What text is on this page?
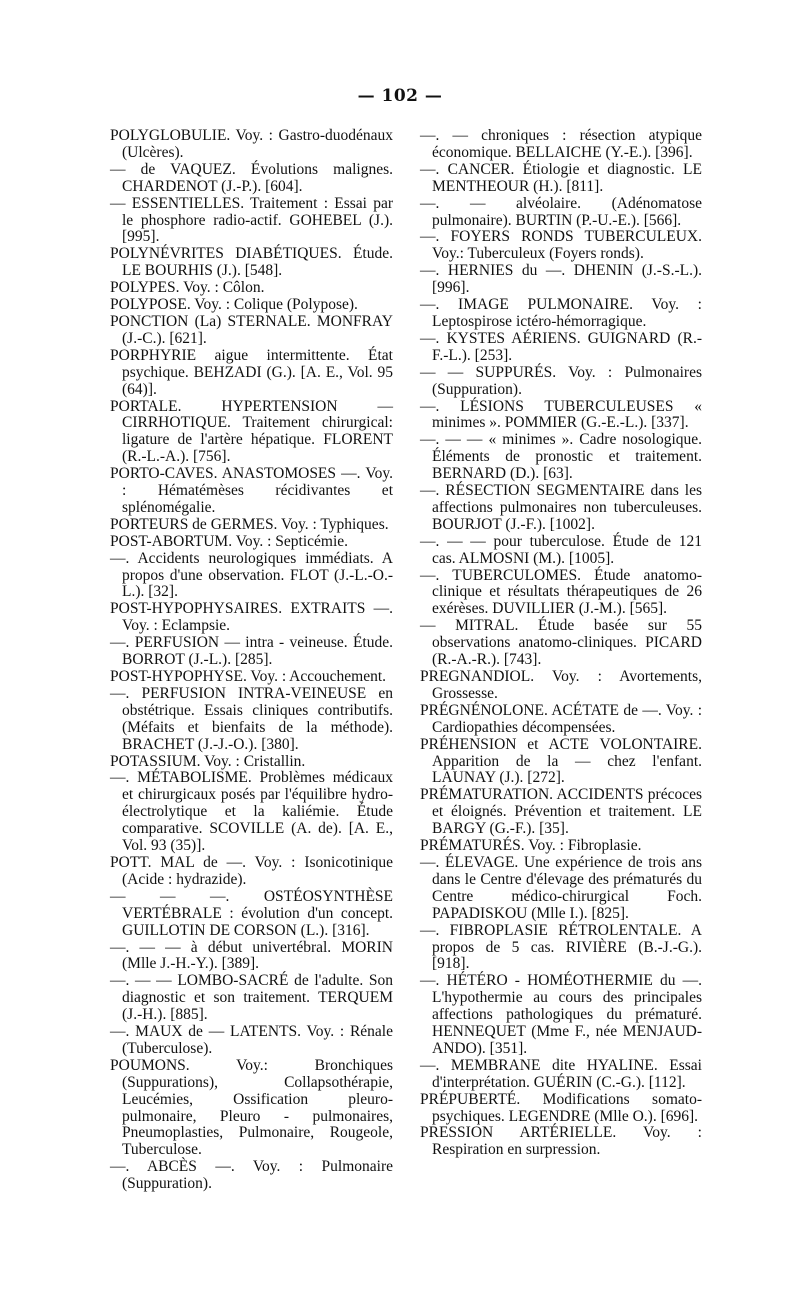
— 102 —

POLYGLOBULIE. Voy. : Gastro-duodénaux (Ulcères).

— de VAQUEZ. Évolutions malignes. CHARDENOT (J.-P.). [604].

— ESSENTIELLES. Traitement : Essai par le phosphore radio-actif. GOHEBEL (J.). [995].

POLYNÉVRITES DIABÉTIQUES. Étude. LE BOURHIS (J.). [548].

POLYPES. Voy. : Côlon.

POLYPOSE. Voy. : Colique (Polypose).

PONCTION (La) STERNALE. MONFRAY (J.-C.). [621].

PORPHYRIE aigue intermittente. État psychique. BEHZADI (G.). [A. E., Vol. 95 (64)].

PORTALE. HYPERTENSION — CIRRHOTIQUE. Traitement chirurgical: ligature de l'artère hépatique. FLORENT (R.-L.-A.). [756].

PORTO-CAVES. ANASTOMOSES —. Voy. : Hématémèses récidivantes et splénomégalie.

PORTEURS de GERMES. Voy. : Typhiques.

POST-ABORTUM. Voy. : Septicémie.

—. Accidents neurologiques immédiats. A propos d'une observation. FLOT (J.-L.-O.-L.). [32].

POST-HYPOPHYSAIRES. EXTRAITS —. Voy. : Eclampsie.

—. PERFUSION — intra - veineuse. Étude. BORROT (J.-L.). [285].

POST-HYPOPHYSE. Voy. : Accouchement.

—. PERFUSION INTRA-VEINEUSE en obstétrique. Essais cliniques contributifs. (Méfaits et bienfaits de la méthode). BRACHET (J.-J.-O.). [380].

POTASSIUM. Voy. : Cristallin.

—. MÉTABOLISME. Problèmes médicaux et chirurgicaux posés par l'équilibre hydro-électrolytique et la kaliémie. Étude comparative. SCOVILLE (A. de). [A. E., Vol. 93 (35)].

POTT. MAL de —. Voy. : Isonicotinique (Acide : hydrazide).

— — —. OSTÉOSYNTHÈSE VERTÉBRALE : évolution d'un concept. GUILLOTIN DE CORSON (L.). [316].

—. — — à début univertébral. MORIN (Mlle J.-H.-Y.). [389].

—. — — LOMBO-SACRÉ de l'adulte. Son diagnostic et son traitement. TERQUEM (J.-H.). [885].

—. MAUX de — LATENTS. Voy. : Rénale (Tuberculose).

POUMONS. Voy.: Bronchiques (Suppurations), Collapsothérapie, Leucémies, Ossification pleuro-pulmonaire, Pleuro - pulmonaires, Pneumoplasties, Pulmonaire, Rougeole, Tuberculose.

—. ABCÈS —. Voy. : Pulmonaire (Suppuration).

—. — chroniques : résection atypique économique. BELLAICHE (Y.-E.). [396].

—. CANCER. Étiologie et diagnostic. LE MENTHEOUR (H.). [811].

—. — alvéolaire. (Adénomatose pulmonaire). BURTIN (P.-U.-E.). [566].

—. FOYERS RONDS TUBERCULEUX. Voy.: Tuberculeux (Foyers ronds).

—. HERNIES du —. DHENIN (J.-S.-L.). [996].

—. IMAGE PULMONAIRE. Voy. : Leptospirose ictéro-hémorragique.

—. KYSTES AÉRIENS. GUIGNARD (R.-F.-L.). [253].

— — SUPPURÉS. Voy. : Pulmonaires (Suppuration).

—. LÉSIONS TUBERCULEUSES « minimes ». POMMIER (G.-E.-L.). [337].

—. — — « minimes ». Cadre nosologique. Éléments de pronostic et traitement. BERNARD (D.). [63].

—. RÉSECTION SEGMENTAIRE dans les affections pulmonaires non tuberculeuses. BOURJOT (J.-F.). [1002].

—. — — pour tuberculose. Étude de 121 cas. ALMOSNI (M.). [1005].

—. TUBERCULOMES. Étude anatomo-clinique et résultats thérapeutiques de 26 exérèses. DUVILLIER (J.-M.). [565].

— MITRAL. Étude basée sur 55 observations anatomo-cliniques. PICARD (R.-A.-R.). [743].

PREGNANDIOL. Voy. : Avortements, Grossesse.

PRÉGNÉNOLONE. ACÉTATE de —. Voy. : Cardiopathies décompensées.

PRÉHENSION et ACTE VOLONTAIRE. Apparition de la — chez l'enfant. LAUNAY (J.). [272].

PRÉMATURATION. ACCIDENTS précoces et éloignés. Prévention et traitement. LE BARGY (G.-F.). [35].

PRÉMATURÉS. Voy. : Fibroplasie.

—. ÉLEVAGE. Une expérience de trois ans dans le Centre d'élevage des prématurés du Centre médico-chirurgical Foch. PAPADISKOU (Mlle I.). [825].

—. FIBROPLASIE RÉTROLENTALE. A propos de 5 cas. RIVIÈRE (B.-J.-G.). [918].

—. HÉTÉRO - HOMÉOTHERMIE du —. L'hypothermie au cours des principales affections pathologiques du prématuré. HENNEQUET (Mme F., née MENJAUD-ANDO). [351].

—. MEMBRANE dite HYALINE. Essai d'interprétation. GUÉRIN (C.-G.). [112].

PRÉPUBERTÉ. Modifications somato-psychiques. LEGENDRE (Mlle O.). [696].

PRESSION ARTÉRIELLE. Voy. : Respiration en surpression.
